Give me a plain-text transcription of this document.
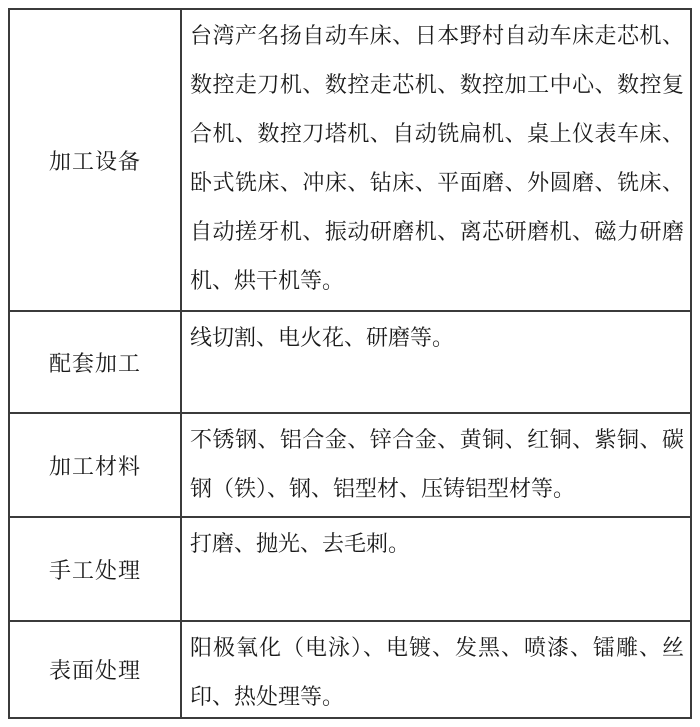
加工设备
台湾产名扬自动车床、日本野村自动车床走芯机、数控走刀机、数控走芯机、数控加工中心、数控复合机、数控刀塔机、自动铣扁机、桌上仪表车床、卧式铣床、冲床、钻床、平面磨、外圆磨、铣床、自动搓牙机、振动研磨机、离芯研磨机、磁力研磨机、烘干机等。
配套加工
线切割、电火花、研磨等。
加工材料
不锈钢、铝合金、锌合金、黄铜、红铜、紫铜、碳钢（铁）、钢、铝型材、压铸铝型材等。
手工处理
打磨、抛光、去毛刺。
表面处理
阳极氧化（电泳）、电镀、发黑、喷漆、镭雕、丝印、热处理等。
